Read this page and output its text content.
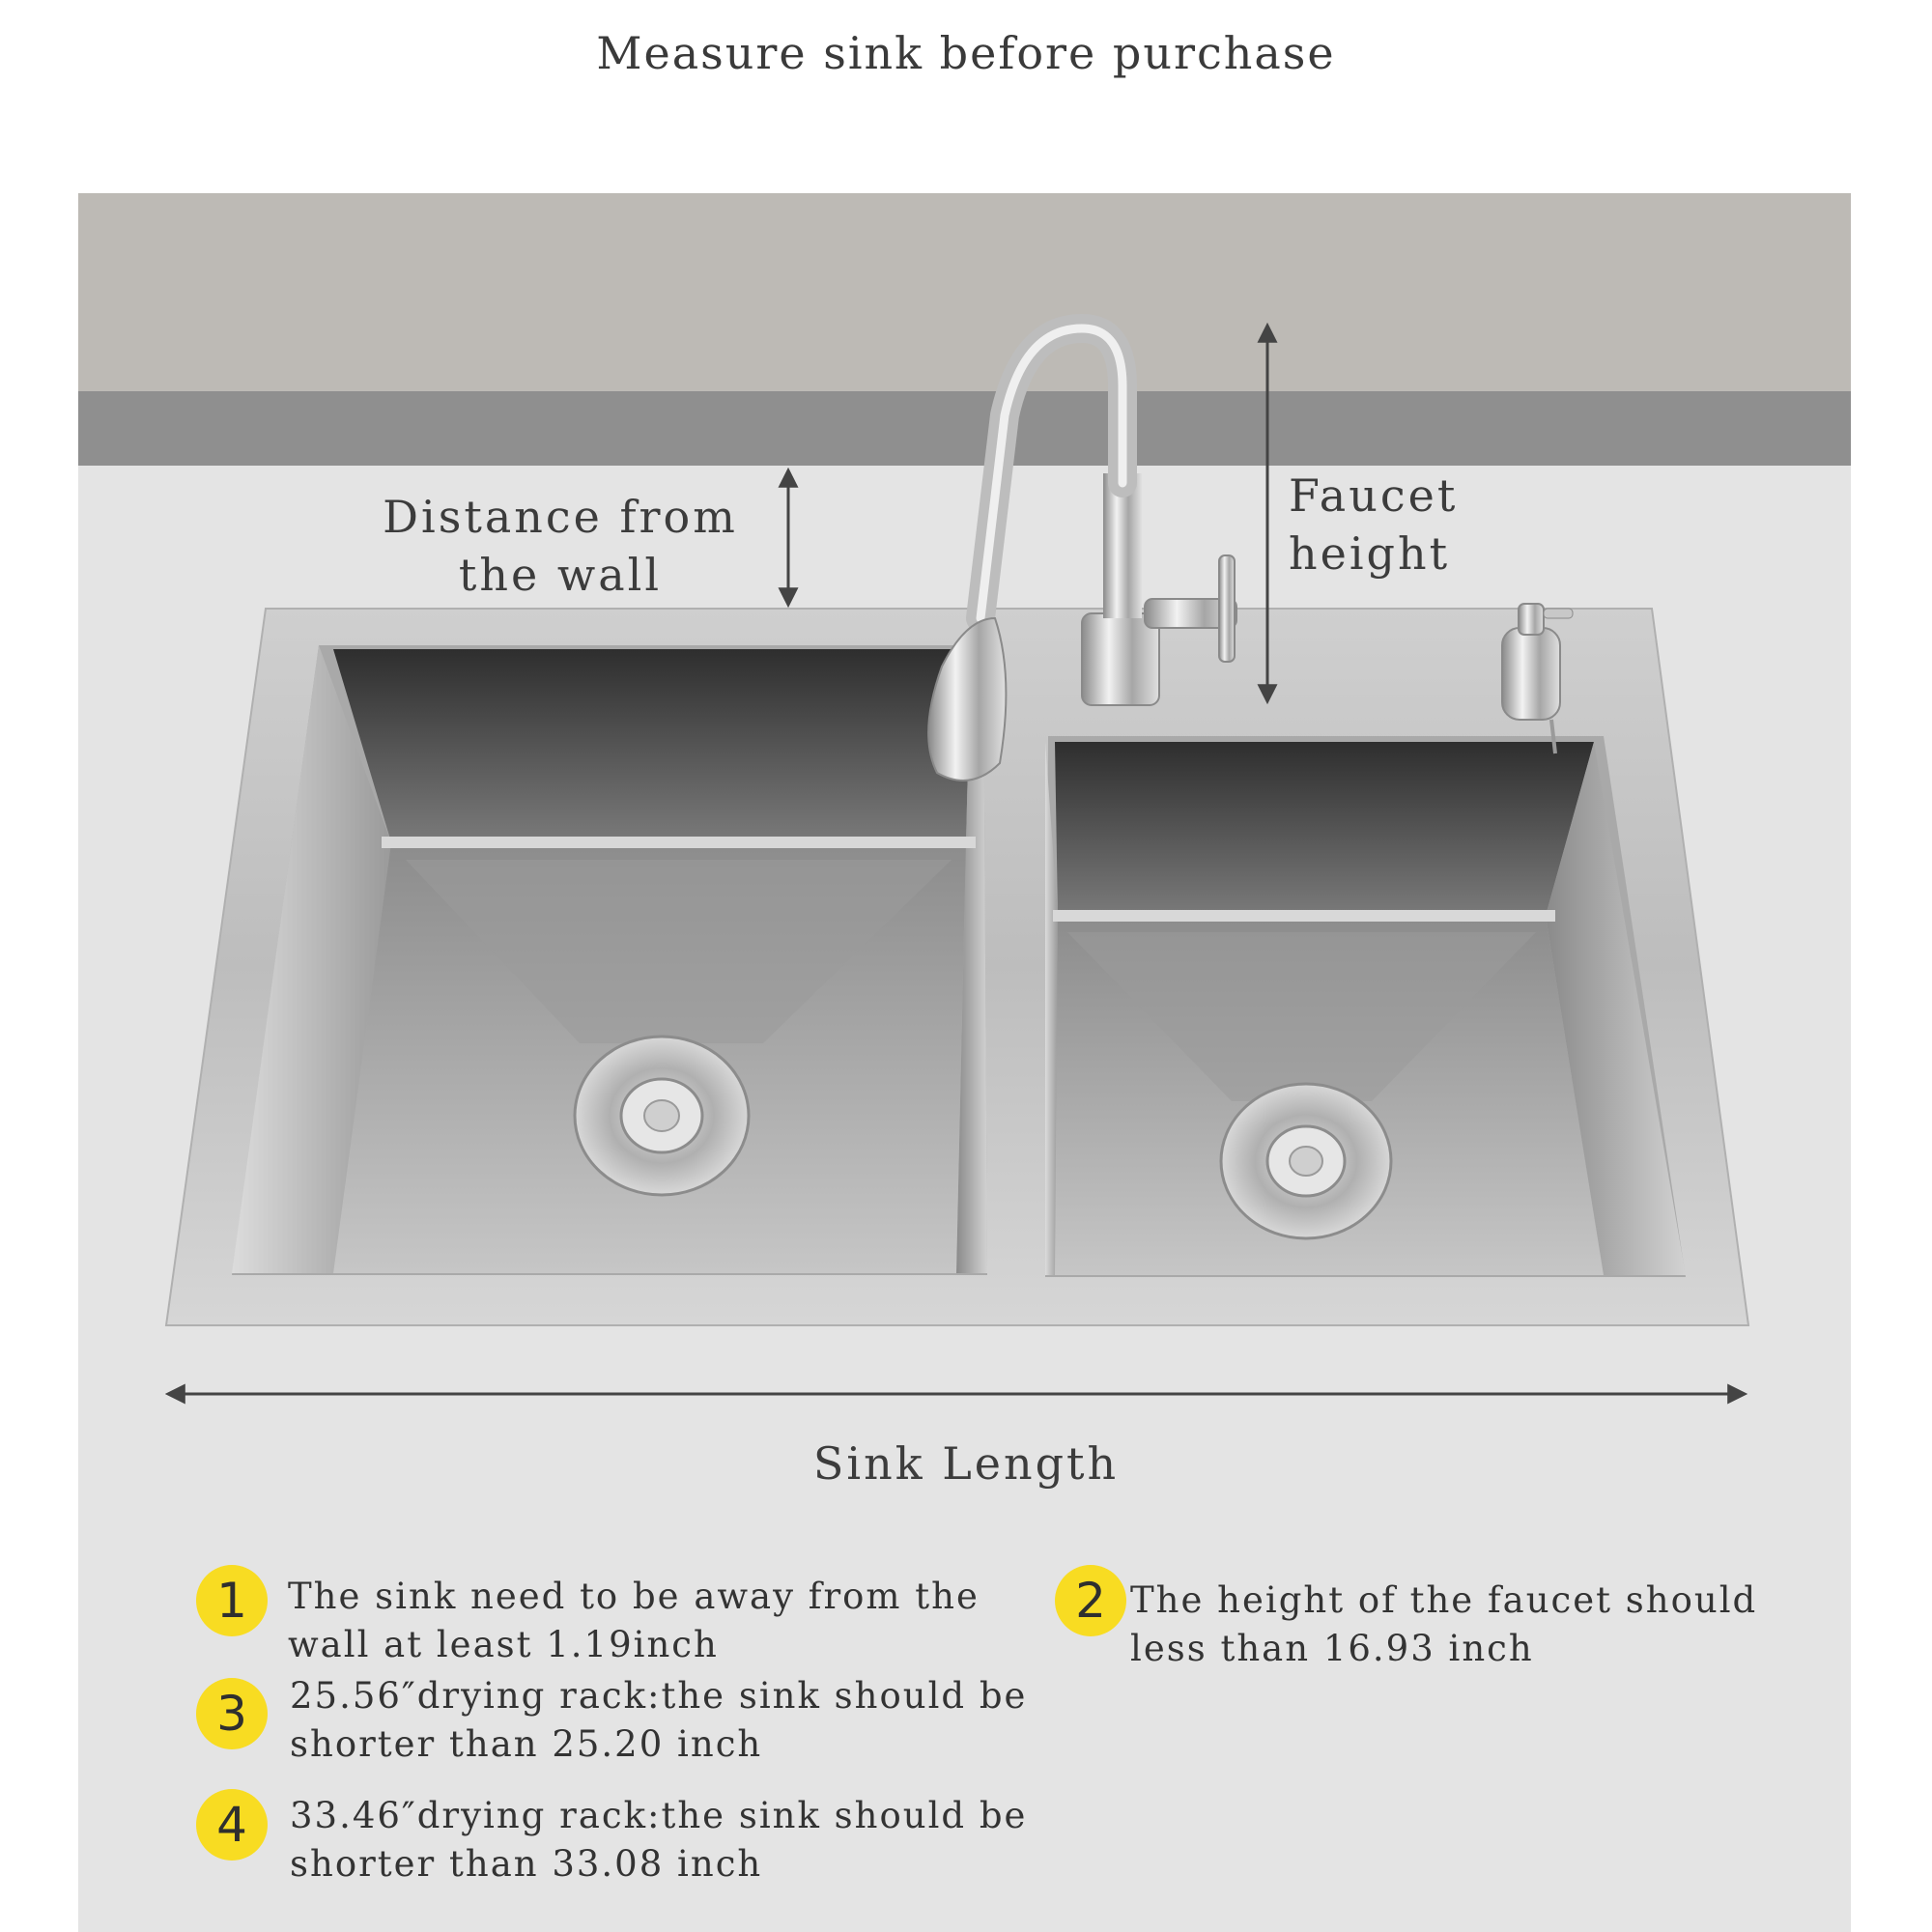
Measure sink before purchase

Distance from
the wall

Faucet
height

Sink Length

1	The sink need to be away from the
wall at least 1.19inch

2 The height of the faucet should
less than 16.93 inch

3	25.56″drying rack:the sink should be
shorter than 25.20 inch

4	33.46″drying rack:the sink should be
shorter than 33.08 inch
